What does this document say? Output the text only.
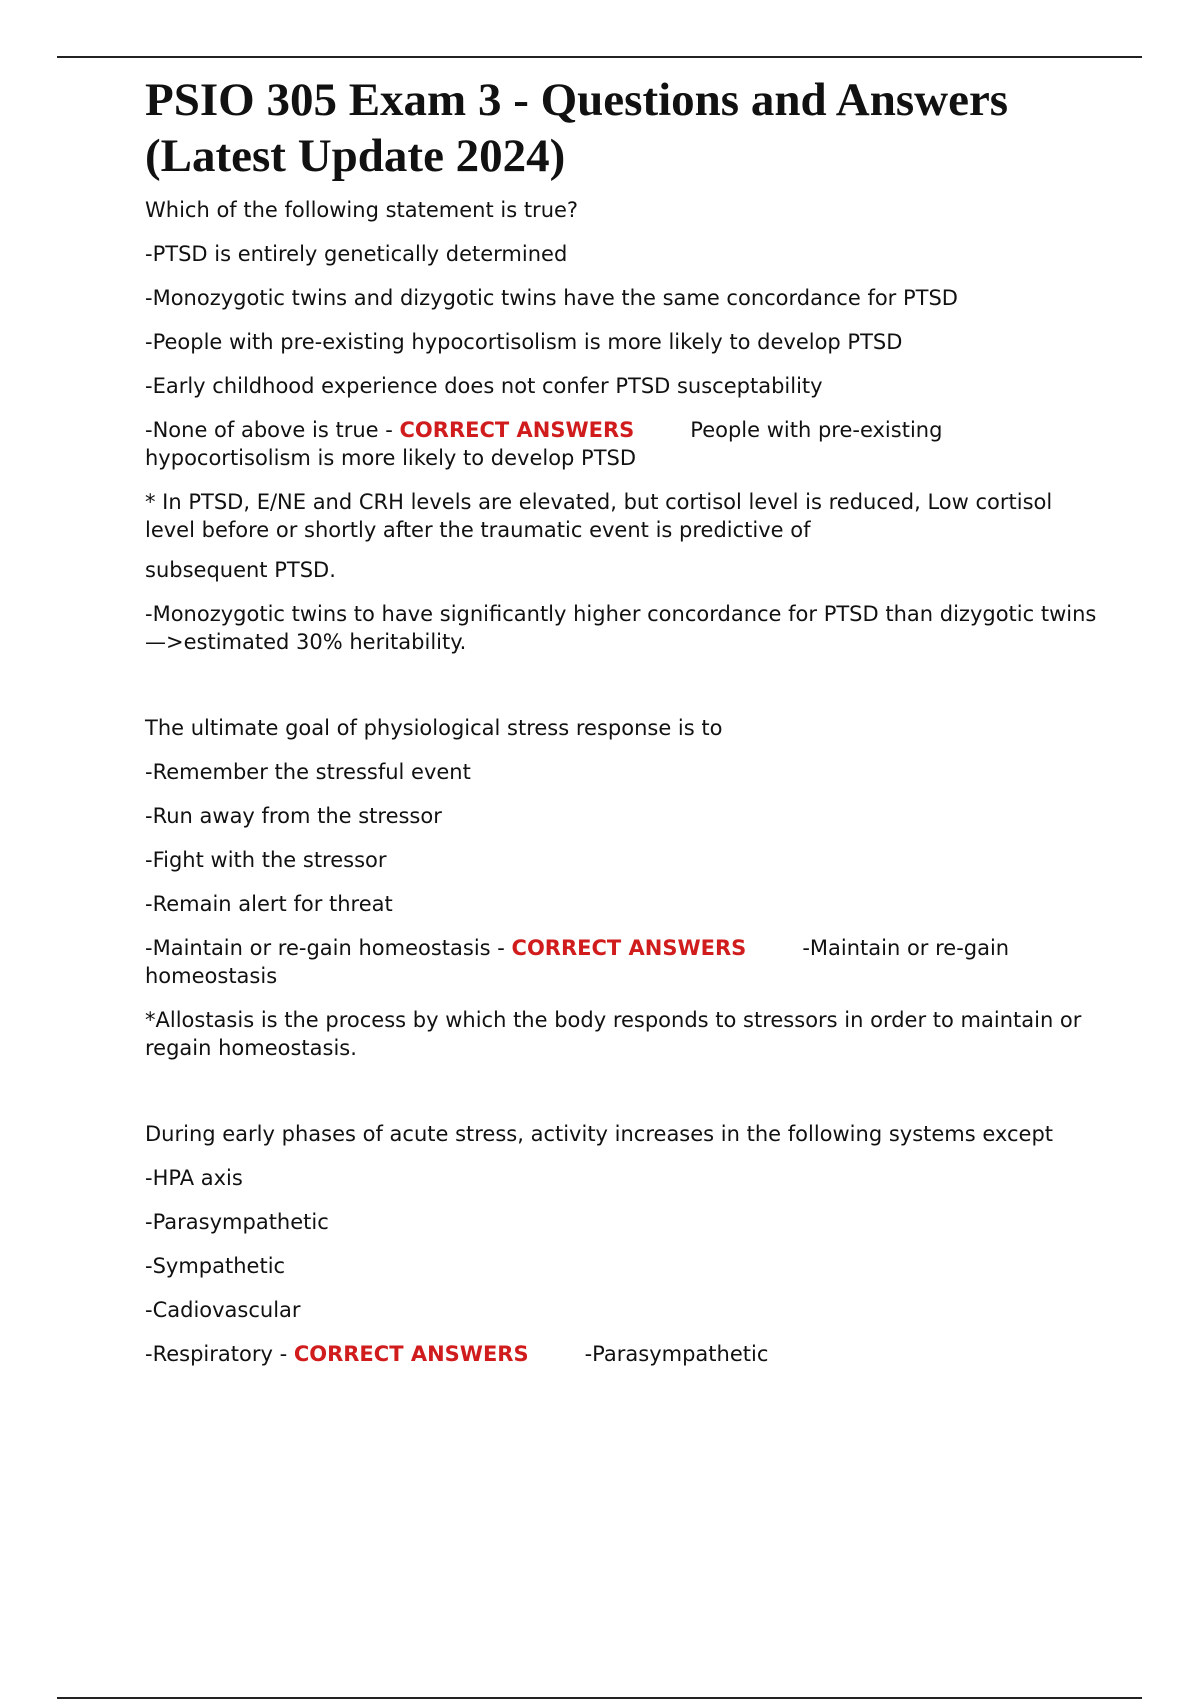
PSIO 305 Exam 3 - Questions and Answers (Latest Update 2024)
Which of the following statement is true?
-PTSD is entirely genetically determined
-Monozygotic twins and dizygotic twins have the same concordance for PTSD
-People with pre-existing hypocortisolism is more likely to develop PTSD
-Early childhood experience does not confer PTSD susceptability
-None of above is true - CORRECT ANSWERS	People with pre-existing hypocortisolism is more likely to develop PTSD
* In PTSD, E/NE and CRH levels are elevated, but cortisol level is reduced, Low cortisol level before or shortly after the traumatic event is predictive of
subsequent PTSD.
-Monozygotic twins to have significantly higher concordance for PTSD than dizygotic twins—>estimated 30% heritability.
The ultimate goal of physiological stress response is to
-Remember the stressful event
-Run away from the stressor
-Fight with the stressor
-Remain alert for threat
-Maintain or re-gain homeostasis - CORRECT ANSWERS	-Maintain or re-gain homeostasis
*Allostasis is the process by which the body responds to stressors in order to maintain or regain homeostasis.
During early phases of acute stress, activity increases in the following systems except
-HPA axis
-Parasympathetic
-Sympathetic
-Cadiovascular
-Respiratory - CORRECT ANSWERS	-Parasympathetic
